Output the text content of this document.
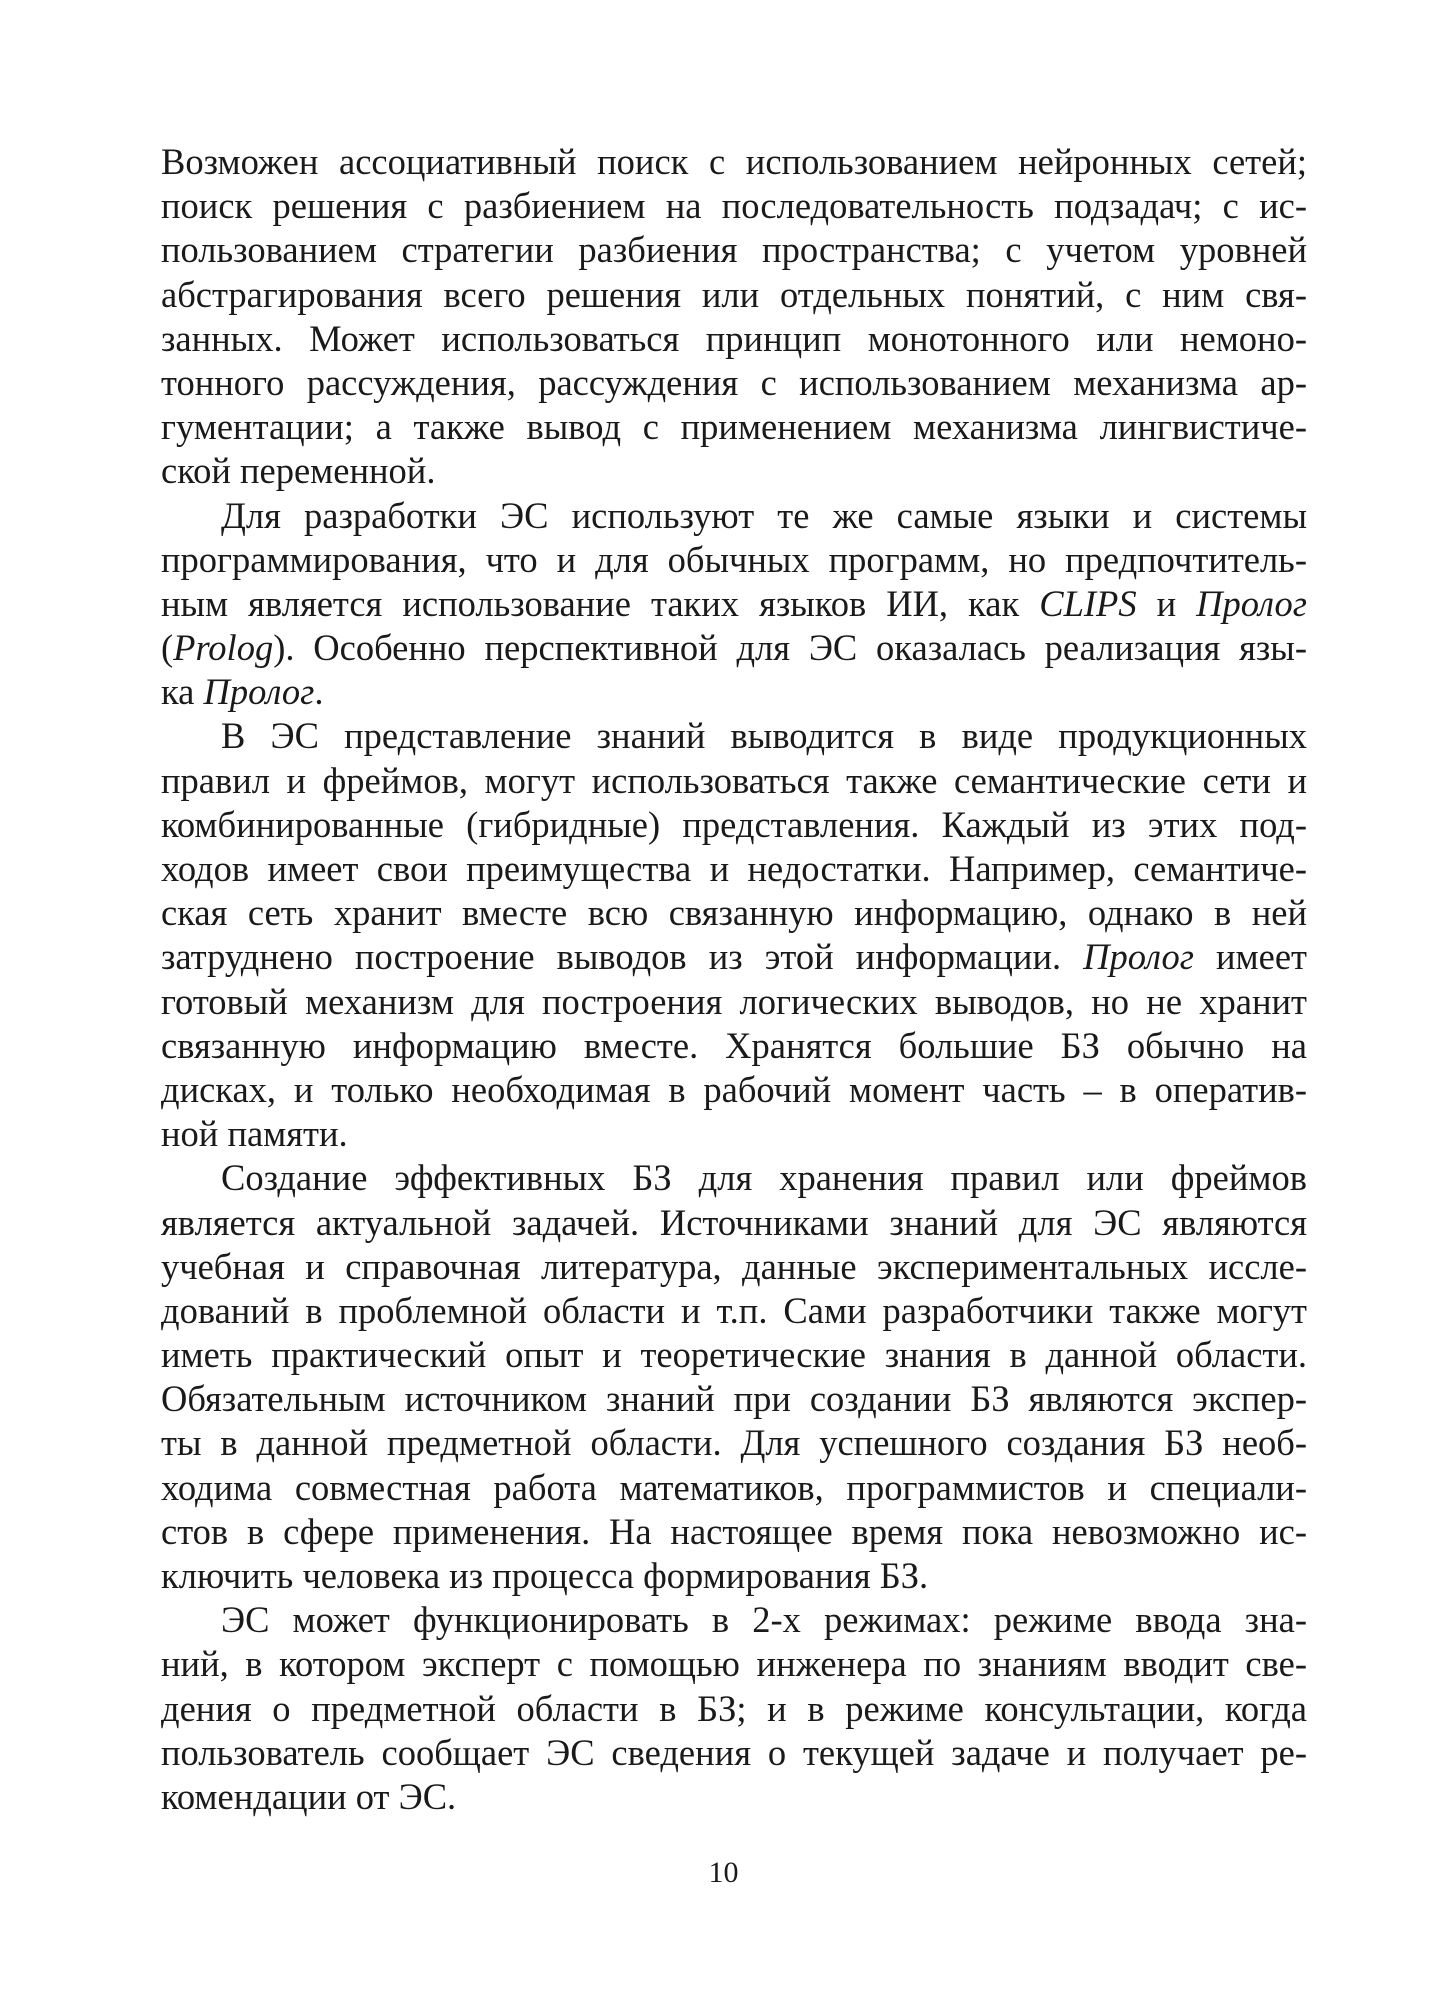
Возможен ассоциативный поиск с использованием нейронных сетей;
поиск решения с разбиением на последовательность подзадач; с ис-
пользованием стратегии разбиения пространства; с учетом уровней
абстрагирования всего решения или отдельных понятий, с ним свя-
занных. Может использоваться принцип монотонного или немоно-
тонного рассуждения, рассуждения с использованием механизма ар-
гументации; а также вывод с применением механизма лингвистиче-
ской переменной.
Для разработки ЭС используют те же самые языки и системы
программирования, что и для обычных программ, но предпочтитель-
ным является использование таких языков ИИ, как CLIPS и Пролог
(Prolog). Особенно перспективной для ЭС оказалась реализация язы-
ка Пролог.
В ЭС представление знаний выводится в виде продукционных
правил и фреймов, могут использоваться также семантические сети и
комбинированные (гибридные) представления. Каждый из этих под-
ходов имеет свои преимущества и недостатки. Например, семантиче-
ская сеть хранит вместе всю связанную информацию, однако в ней
затруднено построение выводов из этой информации. Пролог имеет
готовый механизм для построения логических выводов, но не хранит
связанную информацию вместе. Хранятся большие БЗ обычно на
дисках, и только необходимая в рабочий момент часть – в оператив-
ной памяти.
Создание эффективных БЗ для хранения правил или фреймов
является актуальной задачей. Источниками знаний для ЭС являются
учебная и справочная литература, данные экспериментальных иссле-
дований в проблемной области и т.п. Сами разработчики также могут
иметь практический опыт и теоретические знания в данной области.
Обязательным источником знаний при создании БЗ являются экспер-
ты в данной предметной области. Для успешного создания БЗ необ-
ходима совместная работа математиков, программистов и специали-
стов в сфере применения. На настоящее время пока невозможно ис-
ключить человека из процесса формирования БЗ.
ЭС может функционировать в 2-х режимах: режиме ввода зна-
ний, в котором эксперт с помощью инженера по знаниям вводит све-
дения о предметной области в БЗ; и в режиме консультации, когда
пользователь сообщает ЭС сведения о текущей задаче и получает ре-
комендации от ЭС.
10
